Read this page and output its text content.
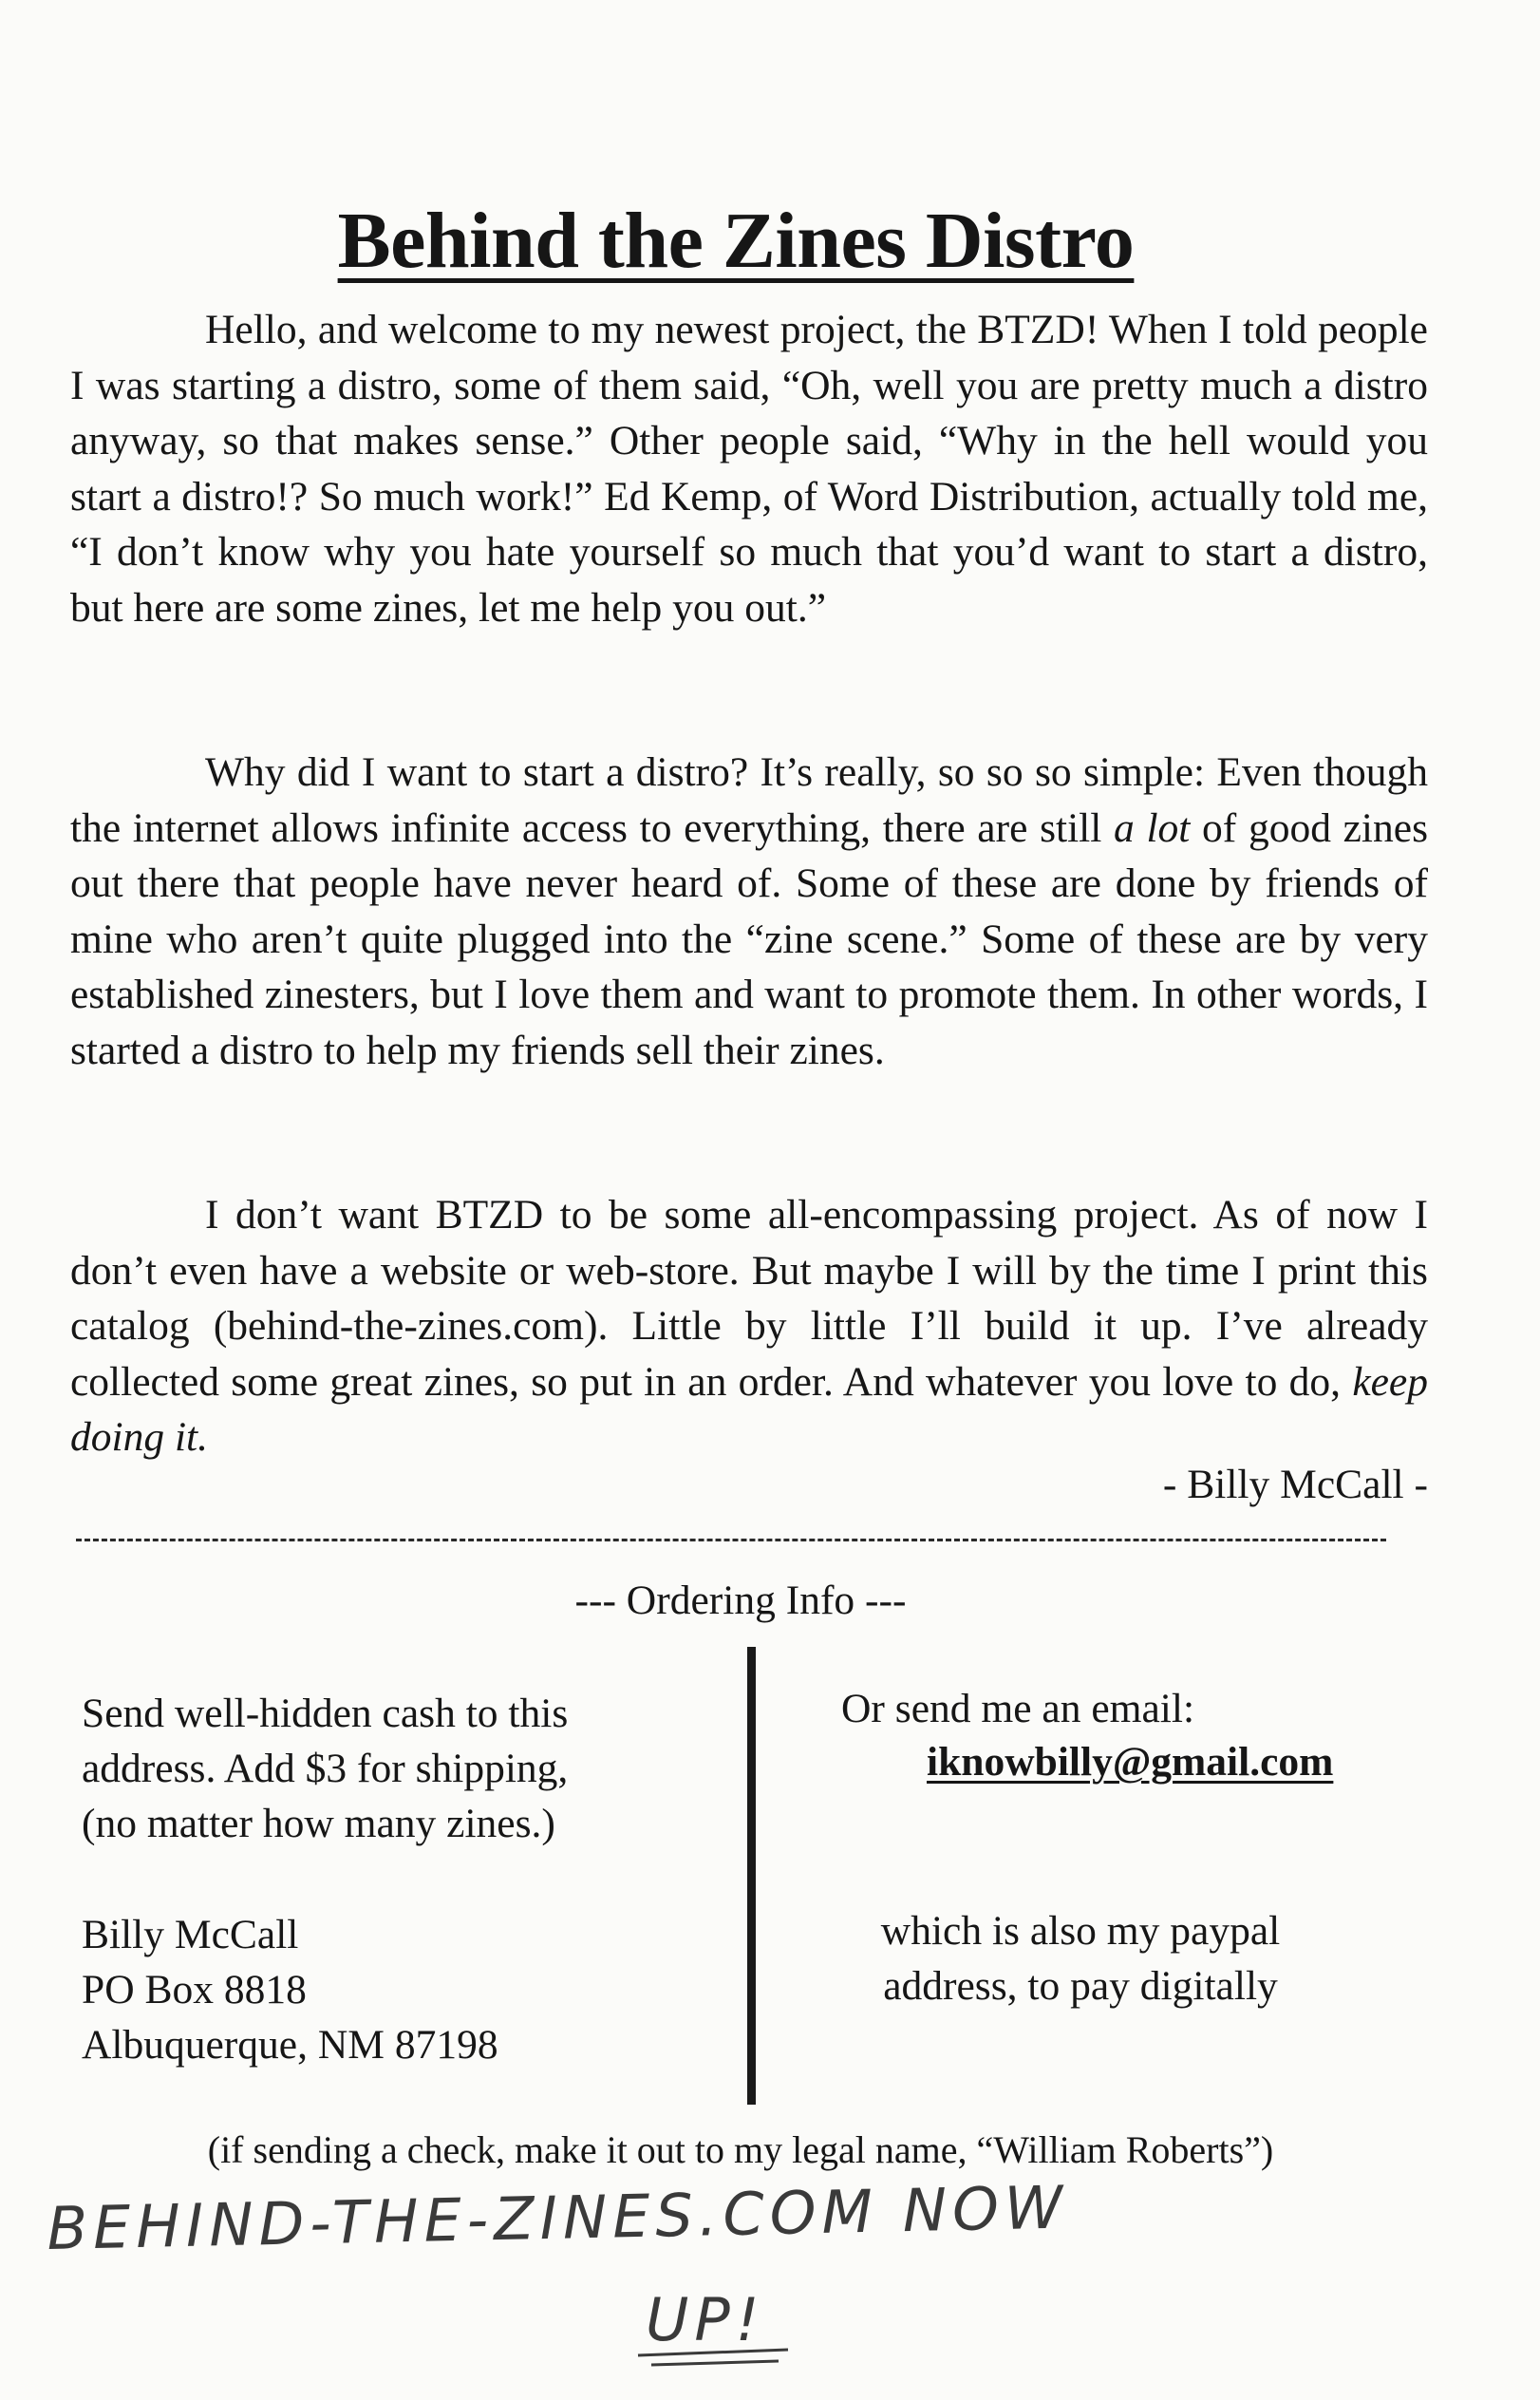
Behind the Zines Distro

Hello, and welcome to my newest project, the BTZD! When I told people I was starting a distro, some of them said, “Oh, well you are pretty much a distro anyway, so that makes sense.” Other people said, “Why in the hell would you start a distro!? So much work!” Ed Kemp, of Word Distribution, actually told me, “I don’t know why you hate yourself so much that you’d want to start a distro, but here are some zines, let me help you out.”

Why did I want to start a distro? It’s really, so so so simple: Even though the internet allows infinite access to everything, there are still a lot of good zines out there that people have never heard of. Some of these are done by friends of mine who aren’t quite plugged into the “zine scene.” Some of these are by very established zinesters, but I love them and want to promote them. In other words, I started a distro to help my friends sell their zines.

I don’t want BTZD to be some all-encompassing project. As of now I don’t even have a website or web-store. But maybe I will by the time I print this catalog (behind-the-zines.com). Little by little I’ll build it up. I’ve already collected some great zines, so put in an order. And whatever you love to do, keep doing it.

- Billy McCall -
--- Ordering Info ---
Send well-hidden cash to this
address. Add $3 for shipping,
(no matter how many zines.)
Billy McCall
PO Box 8818
Albuquerque, NM 87198
Or send me an email:
iknowbilly@gmail.com
which is also my paypal
address, to pay digitally
(if sending a check, make it out to my legal name, “William Roberts”)
BEHIND-THE-ZINES.COM NOW
UP!
